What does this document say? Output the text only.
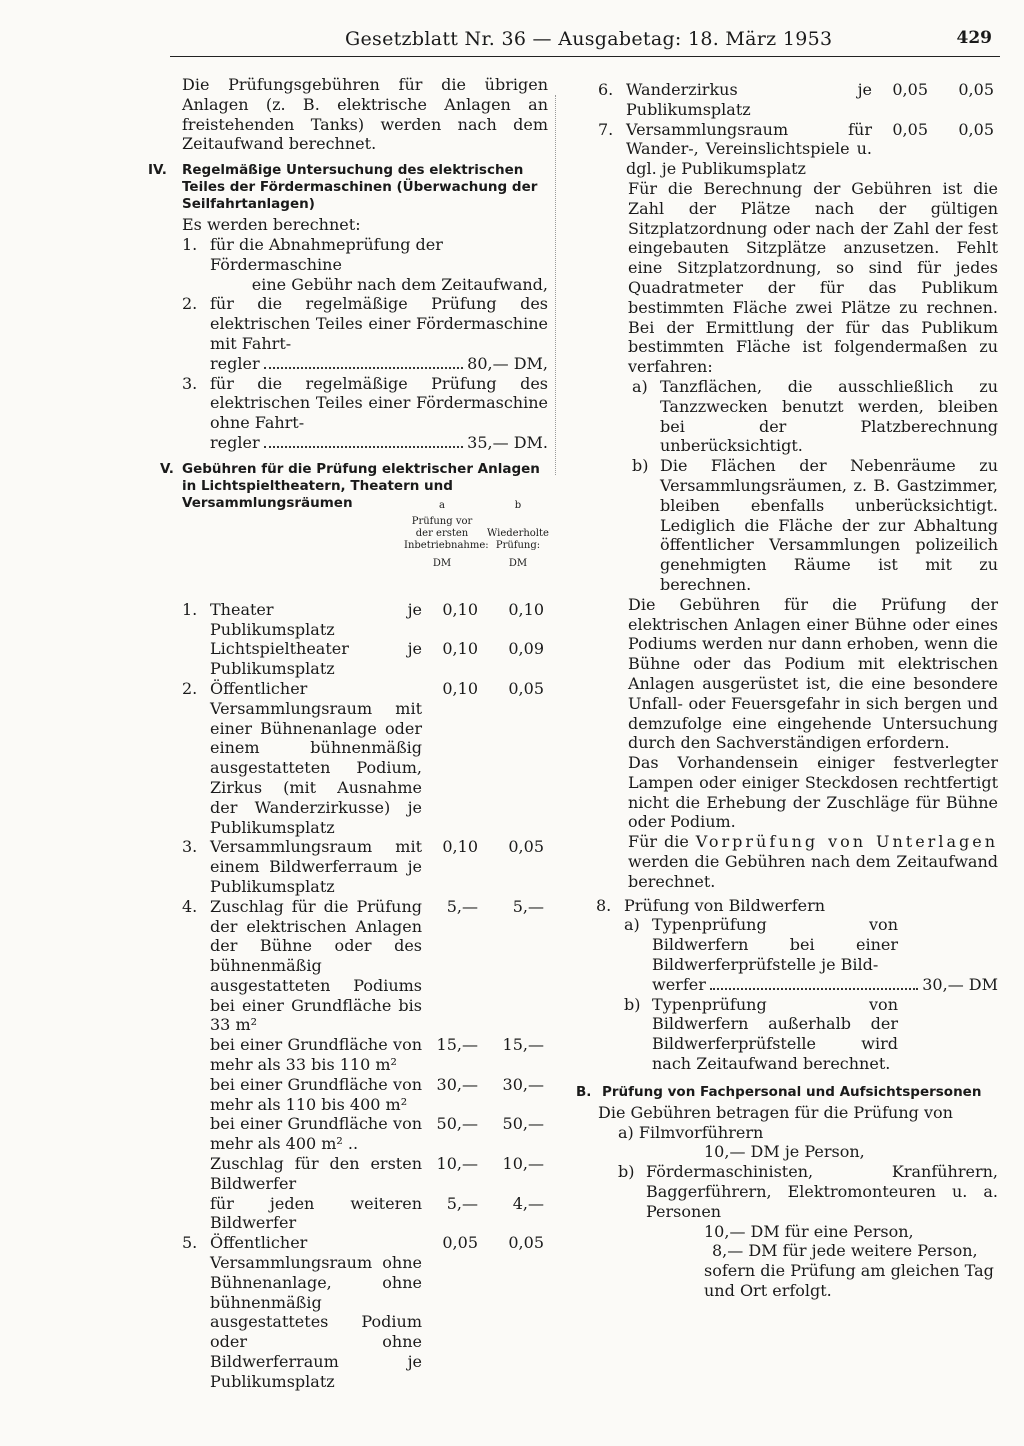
Gesetzblatt Nr. 36 — Ausgabetag: 18. März 1953	429

Die Prüfungsgebühren für die übrigen Anlagen (z. B. elektrische Anlagen an freistehenden Tanks) werden nach dem Zeitaufwand berechnet.

IV. Regelmäßige Untersuchung des elektrischen Teiles der Fördermaschinen (Überwachung der Seilfahrtanlagen)

Es werden berechnet:

1. für die Abnahmeprüfung der Fördermaschine
eine Gebühr nach dem Zeitaufwand,
2. für die regelmäßige Prüfung des elektrischen Teiles einer Fördermaschine mit Fahrt-
regler	80,— DM,
3. für die regelmäßige Prüfung des elektrischen Teiles einer Fördermaschine ohne Fahrt-
regler	35,— DM.
V. Gebühren für die Prüfung elektrischer Anlagen in Lichtspieltheatern, Theatern und Versammlungsräumen	a
Prüfung vor der ersten Inbetriebnahme:
DM
b
Wiederholte Prüfung:
DM
1. Theater je Publikumsplatz
0,10	0,10
Lichtspieltheater je Publikumsplatz
0,10	0,09
2. Öffentlicher Versammlungsraum mit einer Bühnenanlage oder einem bühnenmäßig ausgestatteten Podium, Zirkus (mit Ausnahme der Wanderzirkusse) je Publikumsplatz
0,10	0,05
3. Versammlungsraum mit einem Bildwerferraum je Publikumsplatz
0,10	0,05
4. Zuschlag für die Prüfung der elektrischen Anlagen der Bühne oder des bühnenmäßig ausgestatteten Podiums bei einer Grundfläche bis 33 m²
5,—	5,—
bei einer Grundfläche von mehr als 33 bis 110 m²
15,—	15,—
bei einer Grundfläche von mehr als 110 bis 400 m²
30,—	30,—
bei einer Grundfläche von mehr als 400 m² ..
50,—	50,—
Zuschlag für den ersten Bildwerfer
10,—	10,—
für jeden weiteren Bildwerfer
5,—	4,—
5. Öffentlicher Versammlungsraum ohne Bühnenanlage, ohne bühnenmäßig ausgestattetes Podium oder ohne Bildwerferraum je Publikumsplatz
0,05	0,05
6. Wanderzirkus je Publikumsplatz
0,05	0,05
7. Versammlungsraum für Wander-, Vereinslichtspiele u. dgl. je Publikumsplatz
0,05	0,05

Für die Berechnung der Gebühren ist die Zahl der Plätze nach der gültigen Sitzplatzordnung oder nach der Zahl der fest eingebauten Sitzplätze anzusetzen. Fehlt eine Sitzplatzordnung, so sind für jedes Quadratmeter der für das Publikum bestimmten Fläche zwei Plätze zu rechnen. Bei der Ermittlung der für das Publikum bestimmten Fläche ist folgendermaßen zu verfahren:

a) Tanzflächen, die ausschließlich zu Tanzzwecken benutzt werden, bleiben bei der Platzberechnung unberücksichtigt.
b) Die Flächen der Nebenräume zu Versammlungsräumen, z. B. Gastzimmer, bleiben ebenfalls unberücksichtigt. Lediglich die Fläche der zur Abhaltung öffentlicher Versammlungen polizeilich genehmigten Räume ist mit zu berechnen.

Die Gebühren für die Prüfung der elektrischen Anlagen einer Bühne oder eines Podiums werden nur dann erhoben, wenn die Bühne oder das Podium mit elektrischen Anlagen ausgerüstet ist, die eine besondere Unfall- oder Feuersgefahr in sich bergen und demzufolge eine eingehende Untersuchung durch den Sachverständigen erfordern.

Das Vorhandensein einiger festverlegter Lampen oder einiger Steckdosen rechtfertigt nicht die Erhebung der Zuschläge für Bühne oder Podium.

Für die Vorprüfung von Unterlagen werden die Gebühren nach dem Zeitaufwand berechnet.

8. Prüfung von Bildwerfern
a) Typenprüfung von Bildwerfern bei einer Bildwerferprüfstelle je Bild-
werfer	30,— DM
b) Typenprüfung von Bildwerfern außerhalb der Bildwerferprüfstelle wird nach Zeitaufwand berechnet.
B. Prüfung von Fachpersonal und Aufsichtspersonen
Die Gebühren betragen für die Prüfung von
a) Filmvorführern
10,— DM je Person,
b) Fördermaschinisten, Kranführern, Baggerführern, Elektromonteuren u. a. Personen
10,— DM für eine Person,
8,— DM für jede weitere Person,
sofern die Prüfung am gleichen Tag
und Ort erfolgt.
